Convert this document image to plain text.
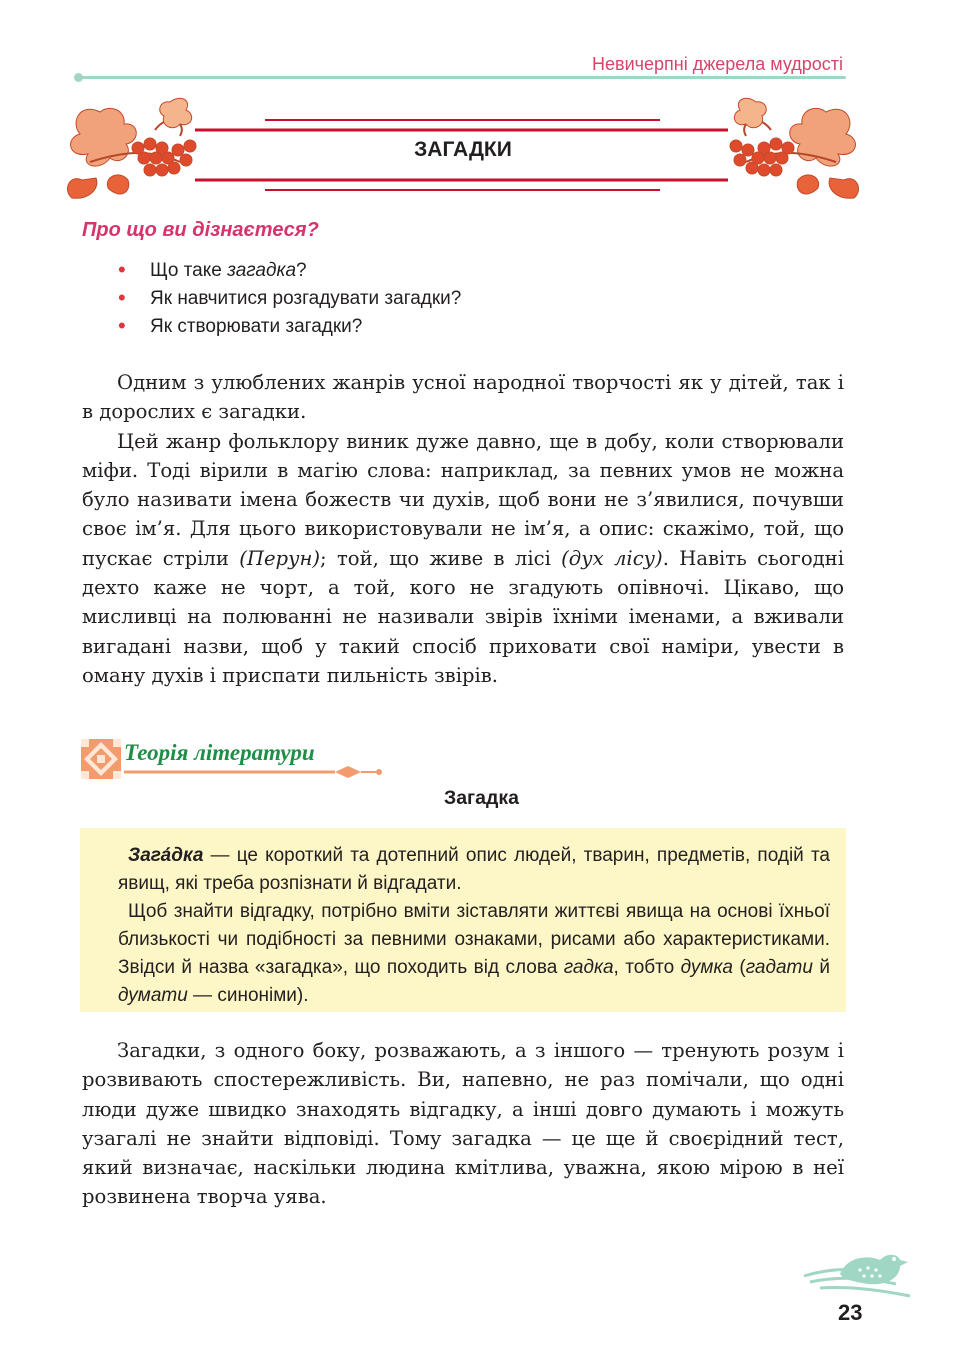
Невичерпні джерела мудрості
ЗАГАДКИ
Про що ви дізнаєтеся?
• Що таке загадка?
• Як навчитися розгадувати загадки?
• Як створювати загадки?

Одним з улюблених жанрів усної народної творчості як у дітей, так і в дорослих є загадки.

Цей жанр фольклору виник дуже давно, ще в добу, коли створювали міфи. Тоді вірили в магію слова: наприклад, за певних умов не можна було називати імена божеств чи духів, щоб вони не з’явилися, почувши своє ім’я. Для цього використовували не ім’я, а опис: скажімо, той, що пускає стріли (Перун); той, що живе в лісі (дух лісу). Навіть сьогодні дехто каже не чорт, а той, кого не згадують опівночі. Цікаво, що мисливці на полюванні не називали звірів їхніми іменами, а вживали вигадані назви, щоб у такий спосіб приховати свої наміри, увести в оману духів і приспати пильність звірів.

Теорія літератури
Загадка

Зага́дка — це короткий та дотепний опис людей, тварин, предметів, подій та явищ, які треба розпізнати й відгадати.

Щоб знайти відгадку, потрібно вміти зіставляти життєві явища на основі їхньої близькості чи подібності за певними ознаками, рисами або характеристиками. Звідси й назва «загадка», що походить від слова гадка, тобто думка (гадати й думати — синоніми).

Загадки, з одного боку, розважають, а з іншого — тренують розум і розвивають спостережливість. Ви, напевно, не раз помічали, що одні люди дуже швидко знаходять відгадку, а інші довго думають і можуть узагалі не знайти відповіді. Тому загадка — це ще й своєрідний тест, який визначає, наскільки людина кмітлива, уважна, якою мірою в неї розвинена творча уява.

23
